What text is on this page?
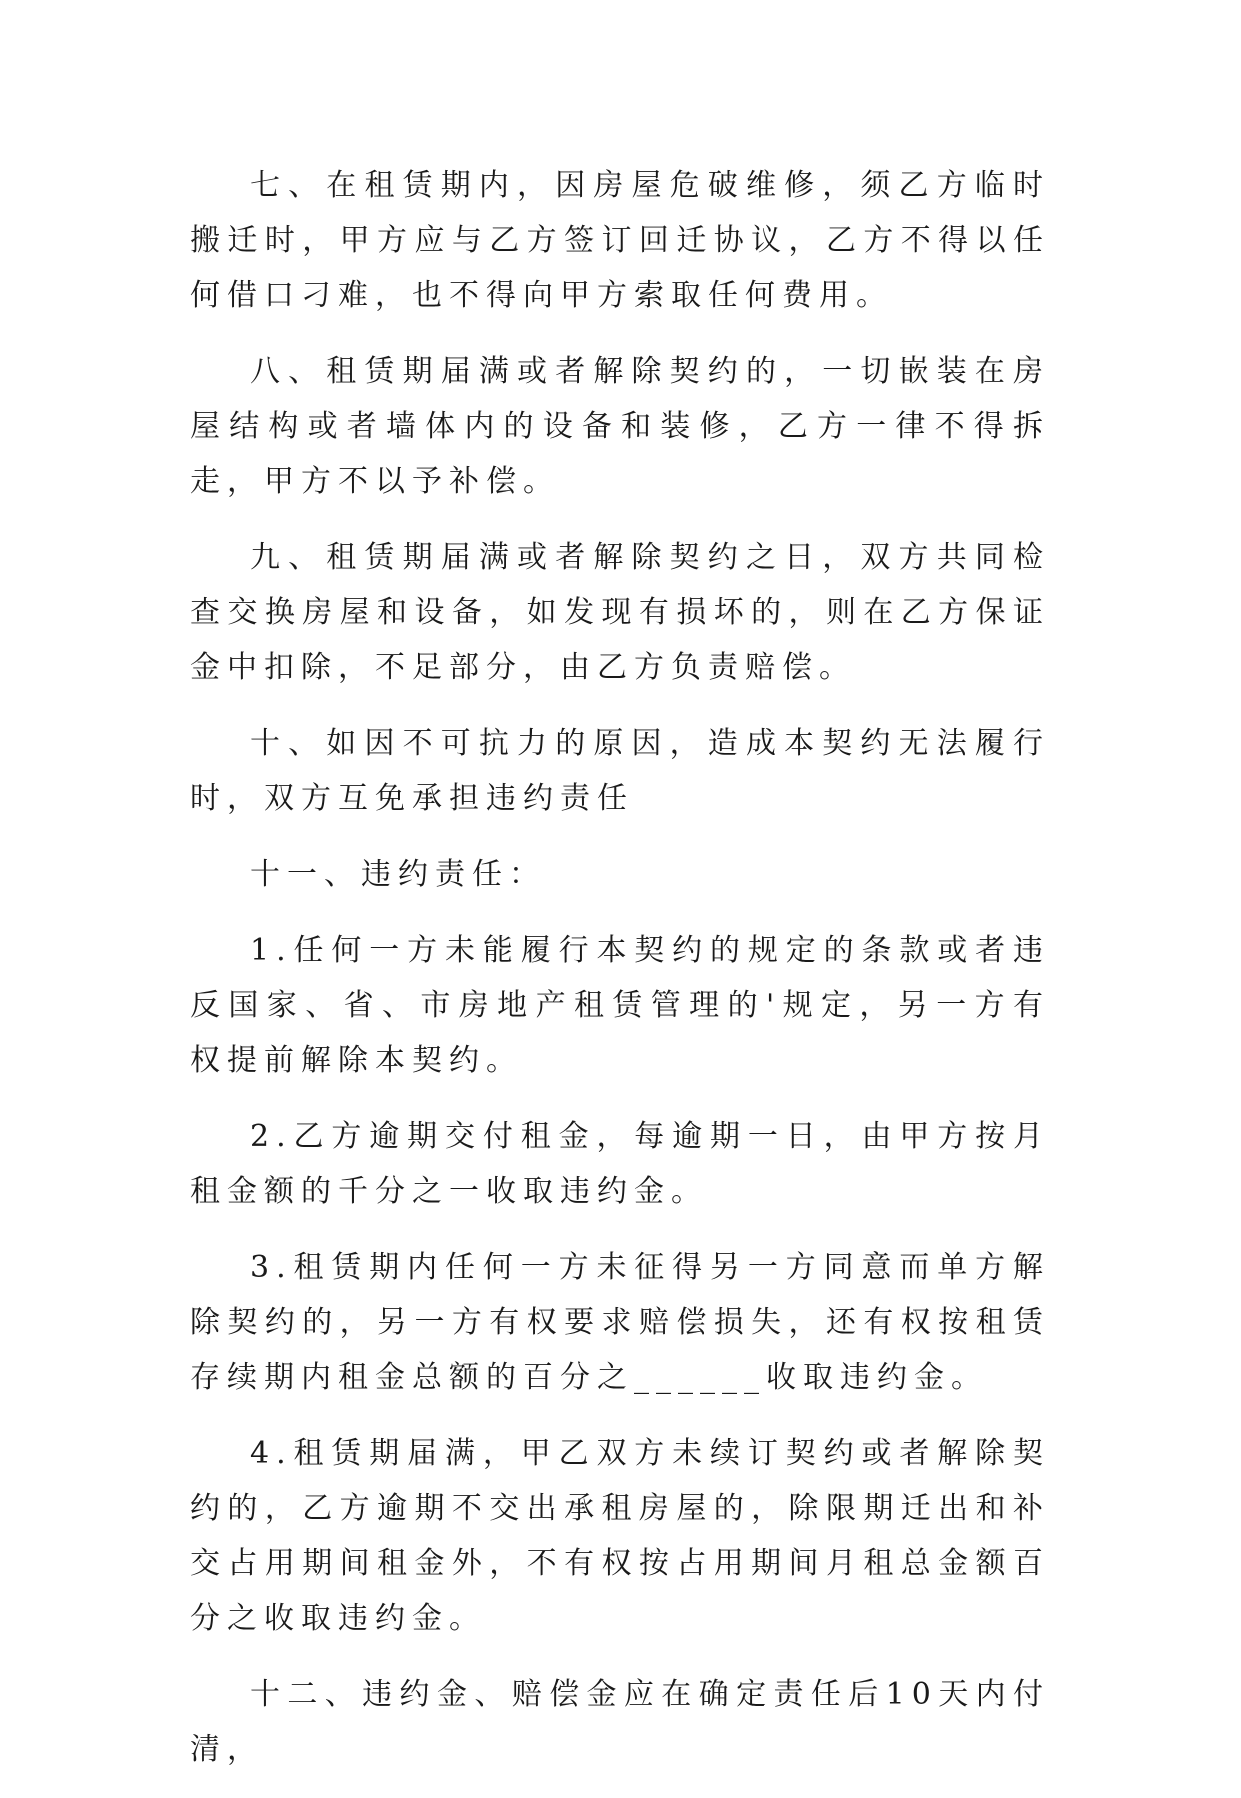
七、在租赁期内，因房屋危破维修，须乙方临时搬迁时，甲方应与乙方签订回迁协议，乙方不得以任何借口刁难，也不得向甲方索取任何费用。

八、租赁期届满或者解除契约的，一切嵌装在房屋结构或者墙体内的设备和装修，乙方一律不得拆走，甲方不以予补偿。

九、租赁期届满或者解除契约之日，双方共同检查交换房屋和设备，如发现有损坏的，则在乙方保证金中扣除，不足部分，由乙方负责赔偿。

十、如因不可抗力的原因，造成本契约无法履行时，双方互免承担违约责任

十一、违约责任：

1.任何一方未能履行本契约的规定的条款或者违反国家、省、市房地产租赁管理的'规定，另一方有权提前解除本契约。

2.乙方逾期交付租金，每逾期一日，由甲方按月租金额的千分之一收取违约金。

3.租赁期内任何一方未征得另一方同意而单方解除契约的，另一方有权要求赔偿损失，还有权按租赁存续期内租金总额的百分之______收取违约金。

4.租赁期届满，甲乙双方未续订契约或者解除契约的，乙方逾期不交出承租房屋的，除限期迁出和补交占用期间租金外，不有权按占用期间月租总金额百分之收取违约金。

十二、违约金、赔偿金应在确定责任后10天内付清，
